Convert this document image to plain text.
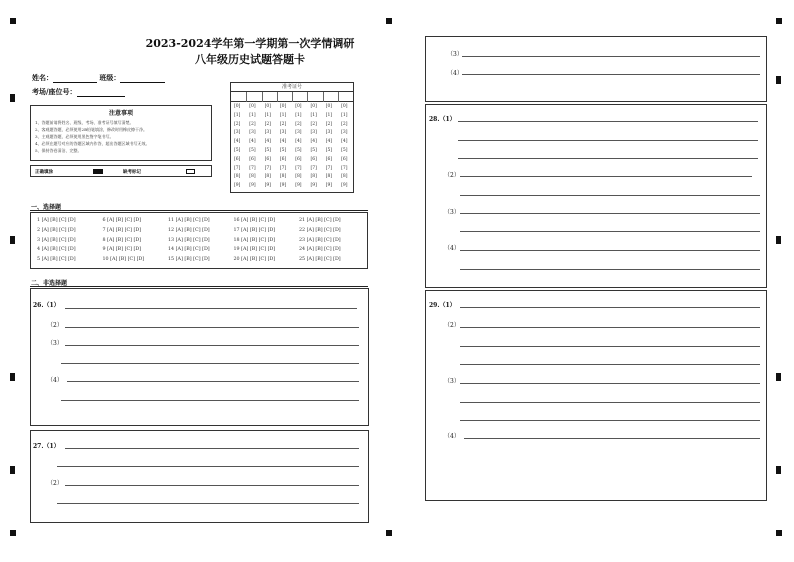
2023-2024学年第一学期第一次学情调研
八年级历史试题答题卡
姓名：	班级：
考场/座位号：
注意事项
1、答题前请将姓名、班级、考场、准考证号填写清楚。
2、客观题答题，必须使用2B铅笔填涂，修改时用橡皮擦干净。
3、主观题答题，必须使用黑色签字笔书写。
4、必须在题号对应的答题区域内作答，超出答题区域书写无效。
5、保持答卷清洁、完整。
正确填涂	缺考标记
准考证号
[0] [0] [0] [0] [0] [0] [0] [0]
[1] [1] [1] [1] [1] [1] [1] [1]
[2] [2] [2] [2] [2] [2] [2] [2]
[3] [3] [3] [3] [3] [3] [3] [3]
[4] [4] [4] [4] [4] [4] [4] [4]
[5] [5] [5] [5] [5] [5] [5] [5]
[6] [6] [6] [6] [6] [6] [6] [6]
[7] [7] [7] [7] [7] [7] [7] [7]
[8] [8] [8] [8] [8] [8] [8] [8]
[9] [9] [9] [9] [9] [9] [9] [9]
一、选择题
1 [A] [B] [C] [D]
2 [A] [B] [C] [D]
3 [A] [B] [C] [D]
4 [A] [B] [C] [D]
5 [A] [B] [C] [D]
6 [A] [B] [C] [D]
7 [A] [B] [C] [D]
8 [A] [B] [C] [D]
9 [A] [B] [C] [D]
10 [A] [B] [C] [D]
11 [A] [B] [C] [D]
12 [A] [B] [C] [D]
13 [A] [B] [C] [D]
14 [A] [B] [C] [D]
15 [A] [B] [C] [D]
16 [A] [B] [C] [D]
17 [A] [B] [C] [D]
18 [A] [B] [C] [D]
19 [A] [B] [C] [D]
20 [A] [B] [C] [D]
21 [A] [B] [C] [D]
22 [A] [B] [C] [D]
23 [A] [B] [C] [D]
24 [A] [B] [C] [D]
25 [A] [B] [C] [D]
二、非选择题
26.（1）
（2）
（3）
（4）
27.（1）
（2）
（3）
（4）
28.（1）
（2）
（3）
（4）
29.（1）
（2）
（3）
（4）
